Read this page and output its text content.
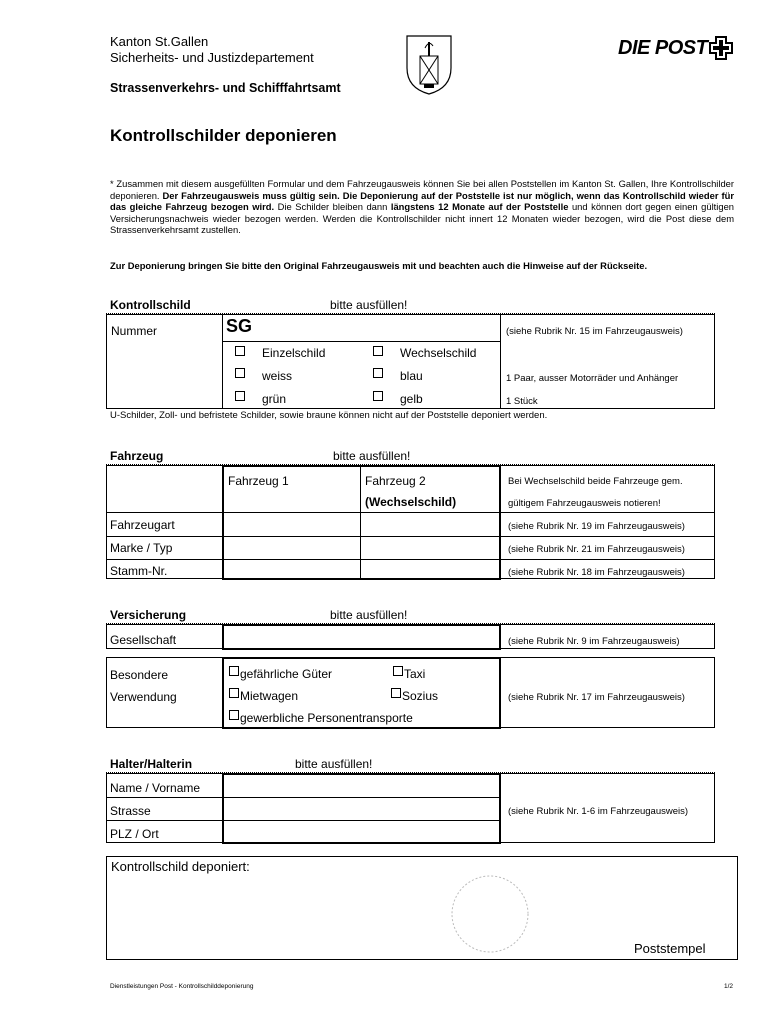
Kanton St.Gallen
Sicherheits- und Justizdepartement
Strassenverkehrs- und Schifffahrtsamt
DIE POST
Kontrollschilder deponieren
* Zusammen mit diesem ausgefüllten Formular und dem Fahrzeugausweis können Sie bei allen Poststellen im Kanton St. Gallen, Ihre Kontrollschilder deponieren. Der Fahrzeugausweis muss gültig sein. Die Deponierung auf der Poststelle ist nur möglich, wenn das Kontrollschild wieder für das gleiche Fahrzeug bezogen wird. Die Schilder bleiben dann längstens 12 Monate auf der Poststelle und können dort gegen einen gültigen Versicherungsnachweis wieder bezogen werden. Werden die Kontrollschilder nicht innert 12 Monaten wieder bezogen, wird die Post diese dem Strassenverkehrsamt zustellen.
Zur Deponierung bringen Sie bitte den Original Fahrzeugausweis mit und beachten auch die Hinweise auf der Rückseite.
Kontrollschild	bitte ausfüllen!
Nummer	SG	(siehe Rubrik Nr. 15 im Fahrzeugausweis)
Einzelschild	Wechselschild
weiss	blau	1 Paar, ausser Motorräder und Anhänger
grün	gelb	1 Stück
U-Schilder, Zoll- und befristete Schilder, sowie braune können nicht auf der Poststelle deponiert werden.
Fahrzeug	bitte ausfüllen!
Fahrzeug 1	Fahrzeug 2
(Wechselschild)
Bei Wechselschild beide Fahrzeuge gem.
gültigem Fahrzeugausweis notieren!
Fahrzeugart	(siehe Rubrik Nr. 19 im Fahrzeugausweis)
Marke / Typ	(siehe Rubrik Nr. 21 im Fahrzeugausweis)
Stamm-Nr.	(siehe Rubrik Nr. 18 im Fahrzeugausweis)
Versicherung	bitte ausfüllen!
Gesellschaft	(siehe Rubrik Nr. 9 im Fahrzeugausweis)
Besondere
Verwendung
gefährliche Güter	Taxi
Mietwagen	Sozius
gewerbliche Personentransporte
(siehe Rubrik Nr. 17 im Fahrzeugausweis)
Halter/Halterin	bitte ausfüllen!
Name / Vorname
Strasse
PLZ / Ort
(siehe Rubrik Nr. 1-6 im Fahrzeugausweis)
Kontrollschild deponiert:
Poststempel
Dienstleistungen Post - Kontrollschilddeponierung	1/2
